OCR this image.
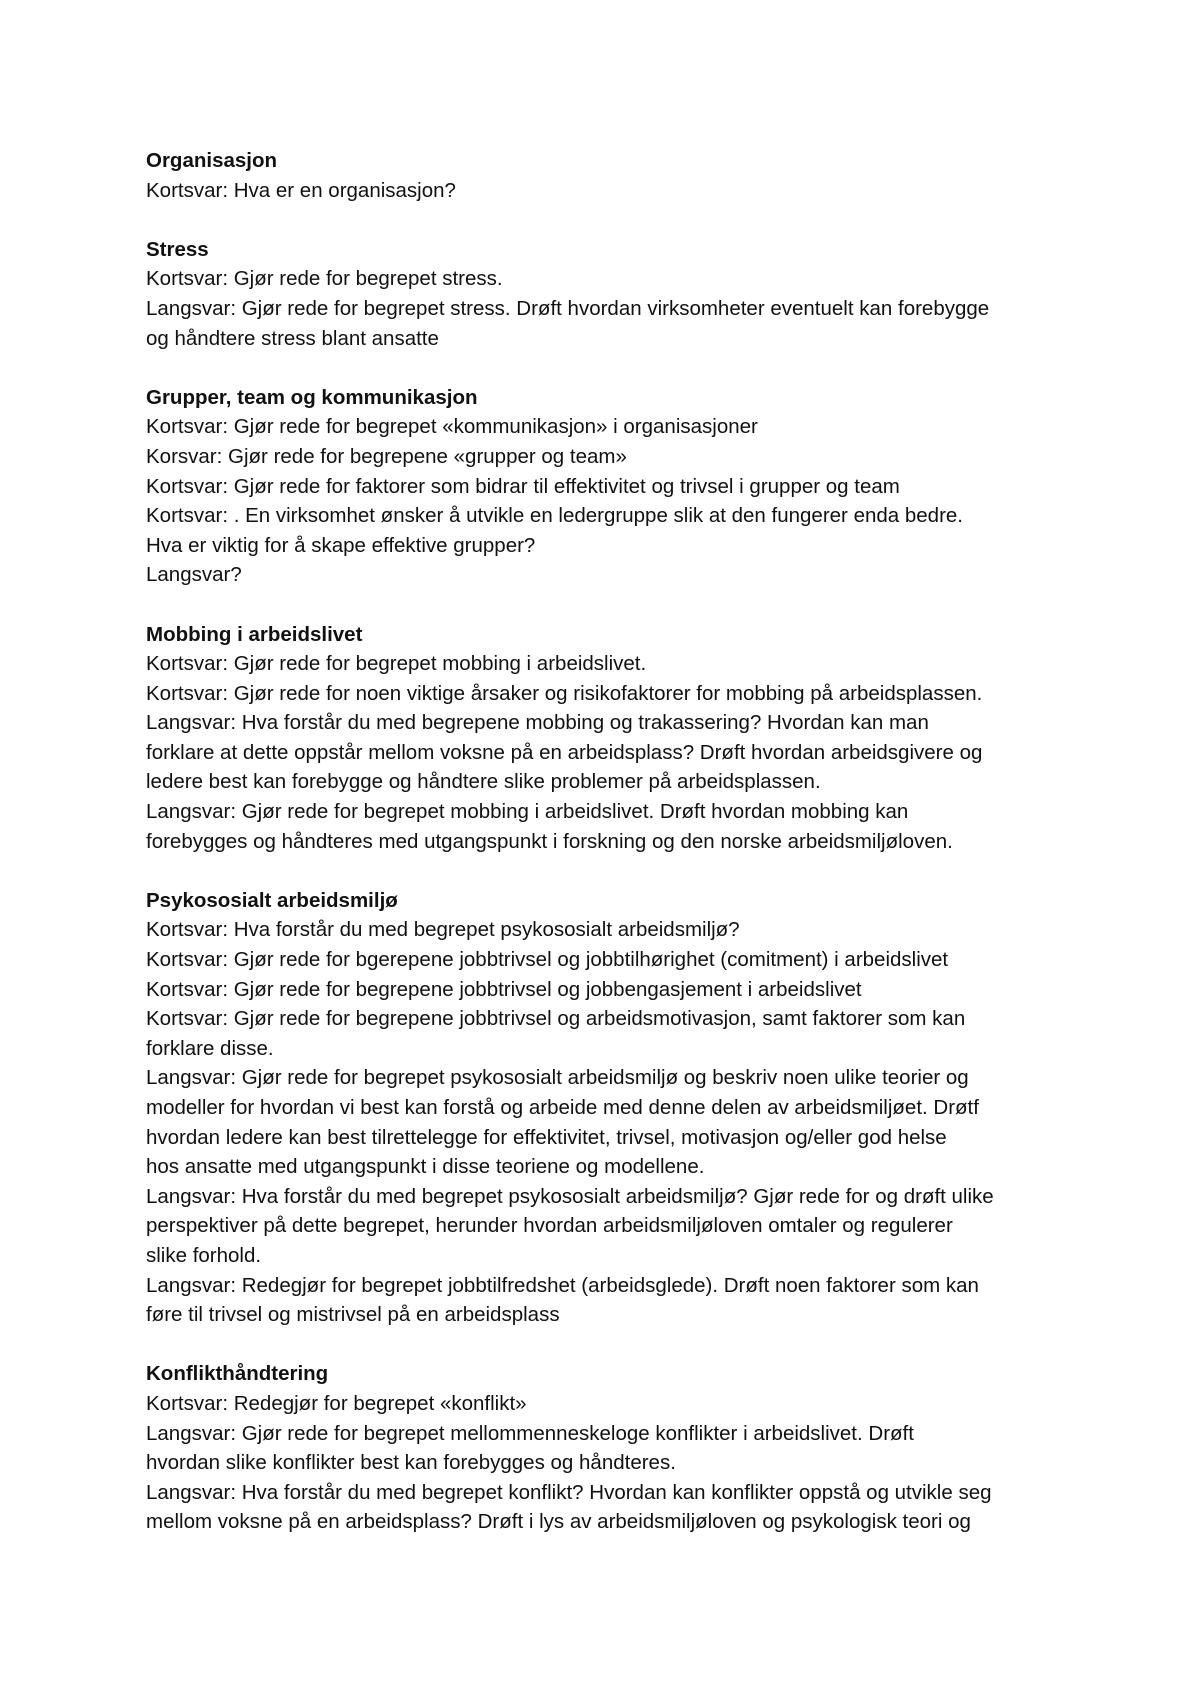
Organisasjon
Kortsvar: Hva er en organisasjon?
Stress
Kortsvar: Gjør rede for begrepet stress.
Langsvar: Gjør rede for begrepet stress. Drøft hvordan virksomheter eventuelt kan forebygge
og håndtere stress blant ansatte
Grupper, team og kommunikasjon
Kortsvar: Gjør rede for begrepet «kommunikasjon» i organisasjoner
Korsvar: Gjør rede for begrepene «grupper og team»
Kortsvar: Gjør rede for faktorer som bidrar til effektivitet og trivsel i grupper og team
Kortsvar: . En virksomhet ønsker å utvikle en ledergruppe slik at den fungerer enda bedre.
Hva er viktig for å skape effektive grupper?
Langsvar?
Mobbing i arbeidslivet
Kortsvar: Gjør rede for begrepet mobbing i arbeidslivet.
Kortsvar: Gjør rede for noen viktige årsaker og risikofaktorer for mobbing på arbeidsplassen.
Langsvar: Hva forstår du med begrepene mobbing og trakassering? Hvordan kan man
forklare at dette oppstår mellom voksne på en arbeidsplass? Drøft hvordan arbeidsgivere og
ledere best kan forebygge og håndtere slike problemer på arbeidsplassen.
Langsvar: Gjør rede for begrepet mobbing i arbeidslivet. Drøft hvordan mobbing kan
forebygges og håndteres med utgangspunkt i forskning og den norske arbeidsmiljøloven.
Psykososialt arbeidsmiljø
Kortsvar: Hva forstår du med begrepet psykososialt arbeidsmiljø?
Kortsvar: Gjør rede for bgerepene jobbtrivsel og jobbtilhørighet (comitment) i arbeidslivet
Kortsvar: Gjør rede for begrepene jobbtrivsel og jobbengasjement i arbeidslivet
Kortsvar: Gjør rede for begrepene jobbtrivsel og arbeidsmotivasjon, samt faktorer som kan
forklare disse.
Langsvar: Gjør rede for begrepet psykososialt arbeidsmiljø og beskriv noen ulike teorier og
modeller for hvordan vi best kan forstå og arbeide med denne delen av arbeidsmiljøet. Drøtf
hvordan ledere kan best tilrettelegge for effektivitet, trivsel, motivasjon og/eller god helse
hos ansatte med utgangspunkt i disse teoriene og modellene.
Langsvar: Hva forstår du med begrepet psykososialt arbeidsmiljø? Gjør rede for og drøft ulike
perspektiver på dette begrepet, herunder hvordan arbeidsmiljøloven omtaler og regulerer
slike forhold.
Langsvar: Redegjør for begrepet jobbtilfredshet (arbeidsglede). Drøft noen faktorer som kan
føre til trivsel og mistrivsel på en arbeidsplass
Konflikthåndtering
Kortsvar: Redegjør for begrepet «konflikt»
Langsvar: Gjør rede for begrepet mellommenneskeloge konflikter i arbeidslivet. Drøft
hvordan slike konflikter best kan forebygges og håndteres.
Langsvar: Hva forstår du med begrepet konflikt? Hvordan kan konflikter oppstå og utvikle seg
mellom voksne på en arbeidsplass? Drøft i lys av arbeidsmiljøloven og psykologisk teori og
